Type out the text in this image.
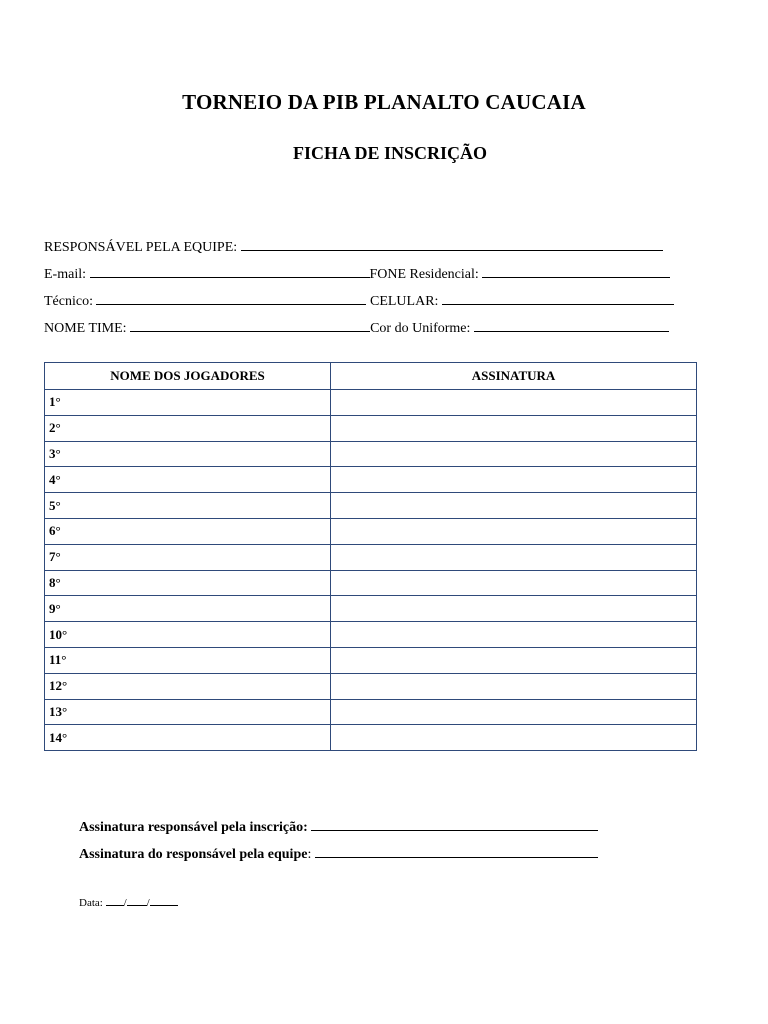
TORNEIO DA PIB PLANALTO CAUCAIA
FICHA DE INSCRIÇÃO
RESPONSÁVEL PELA EQUIPE:
E-mail:	FONE Residencial:
Técnico:	CELULAR:
NOME TIME:	Cor do Uniforme:
NOME DOS JOGADORES	ASSINATURA
1°	
2°	
3°	
4°	
5°	
6°	
7°	
8°	
9°	
10°	
11°	
12°	
13°	
14°	
Assinatura responsável pela inscrição:
Assinatura do responsável pela equipe:
Data: / /
